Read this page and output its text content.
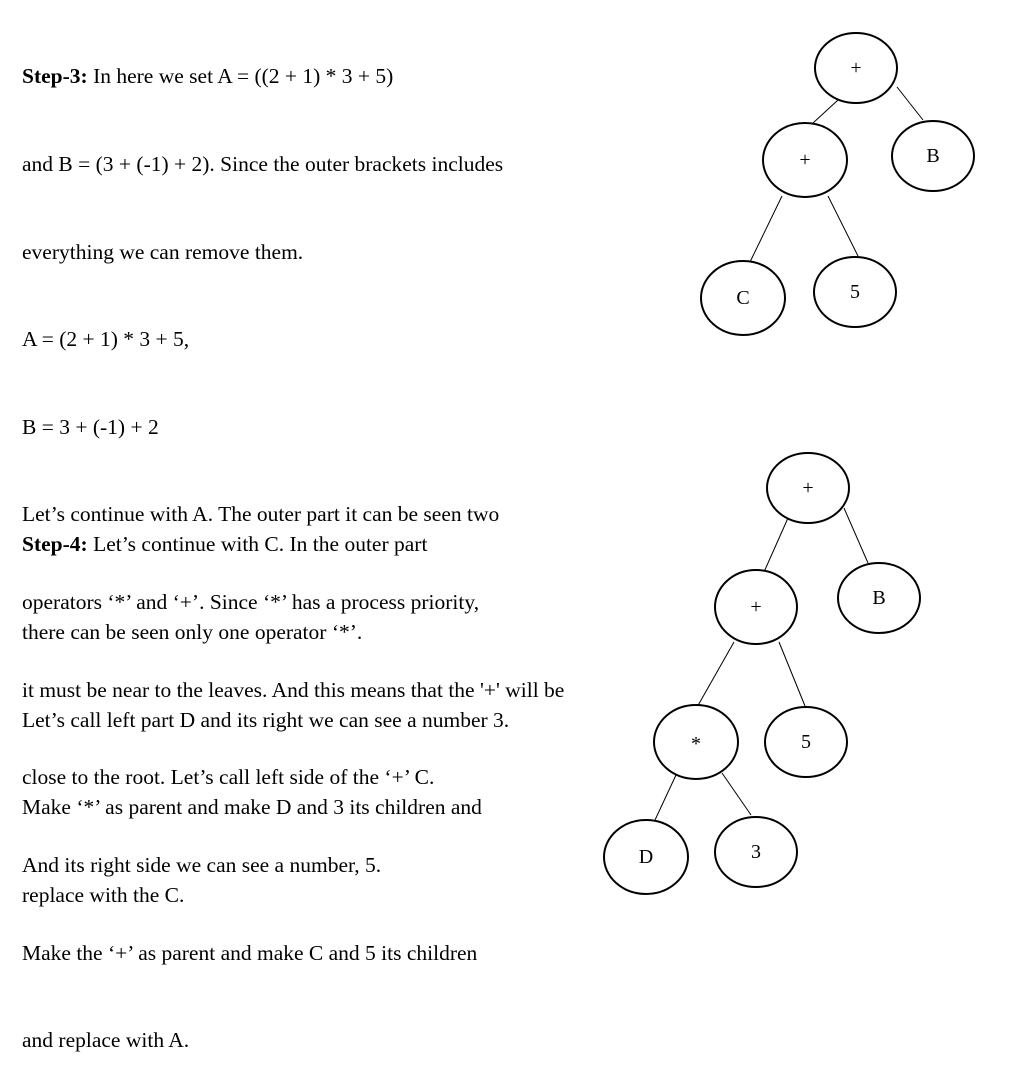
Step-3: In here we set A = ((2 + 1) * 3 + 5)

and B = (3 + (-1) + 2). Since the outer brackets includes

everything we can remove them.

A = (2 + 1) * 3 + 5,

B = 3 + (-1) + 2

Let’s continue with A. The outer part it can be seen two

operators ‘*’ and ‘+’. Since ‘*’ has a process priority,

it must be near to the leaves. And this means that the '+' will be

close to the root. Let’s call left side of the ‘+’ C.

And its right side we can see a number, 5.

Make the ‘+’ as parent and make C and 5 its children

and replace with A.

Step-4: Let’s continue with C. In the outer part

there can be seen only one operator ‘*’.

Let’s call left part D and its right we can see a number 3.

Make ‘*’ as parent and make D and 3 its children and

replace with the C.

+
B
+
C	5
+
B
+
*	5
D	3
